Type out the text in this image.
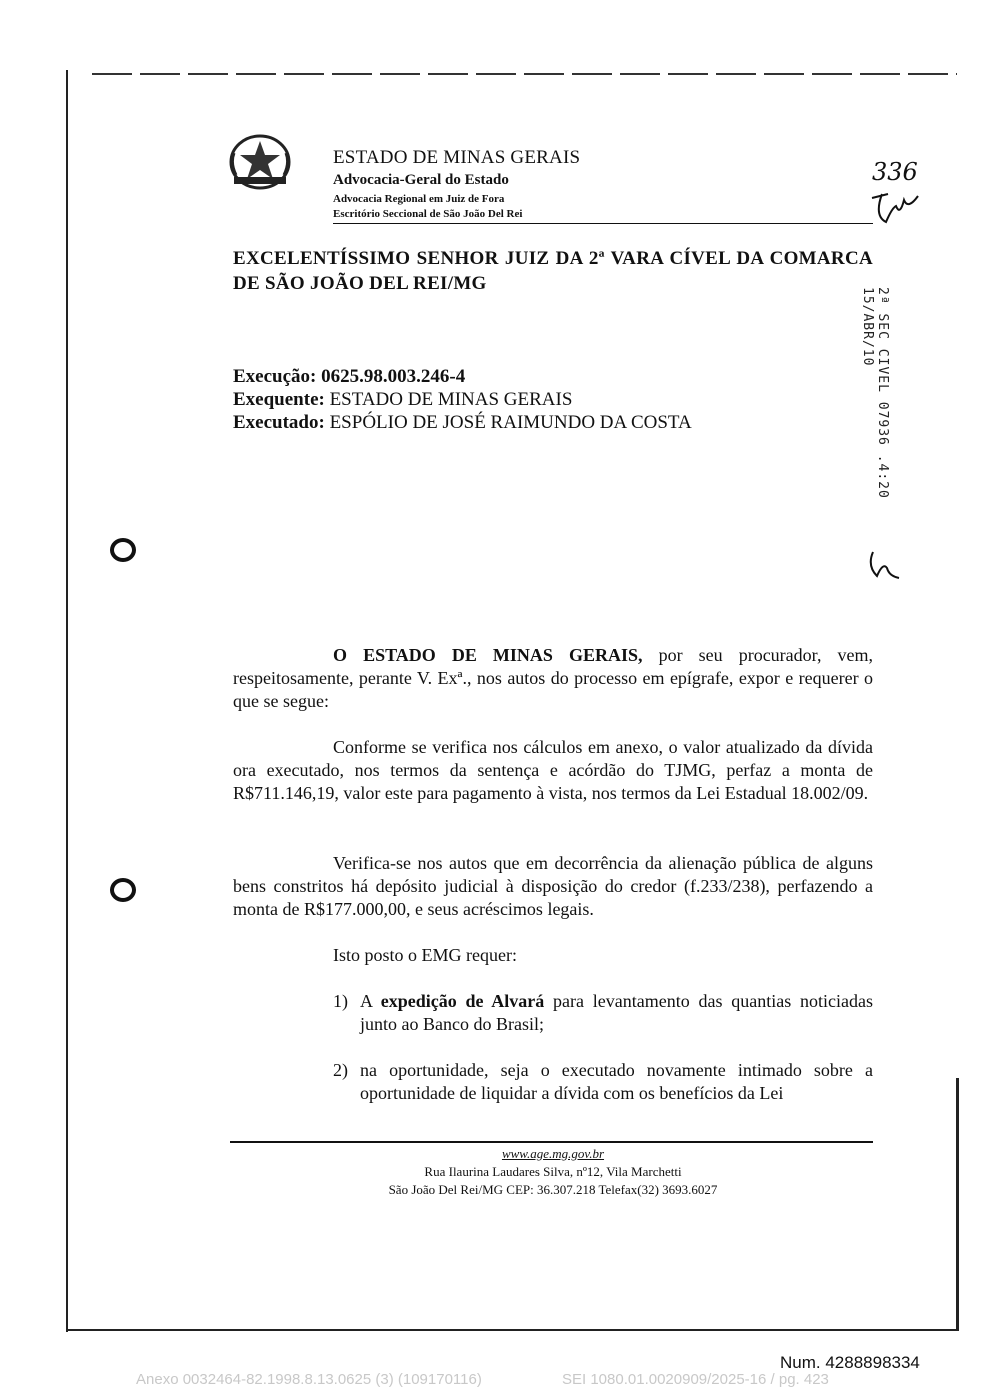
ESTADO DE MINAS GERAIS
Advocacia-Geral do Estado
Advocacia Regional em Juiz de Fora
Escritório Seccional de São João Del Rei
336
EXCELENTÍSSIMO SENHOR JUIZ DA 2ª VARA CÍVEL DA COMARCA DE SÃO JOÃO DEL REI/MG
Execução: 0625.98.003.246-4
Exequente: ESTADO DE MINAS GERAIS
Executado: ESPÓLIO DE JOSÉ RAIMUNDO DA COSTA	2ª SEC CIVEL 07936 .4:20 15/ABR/10
O ESTADO DE MINAS GERAIS, por seu procurador, vem, respeitosamente, perante V. Exª., nos autos do processo em epígrafe, expor e requerer o que se segue:
Conforme se verifica nos cálculos em anexo, o valor atualizado da dívida ora executado, nos termos da sentença e acórdão do TJMG, perfaz a monta de R$711.146,19, valor este para pagamento à vista, nos termos da Lei Estadual 18.002/09.
Verifica-se nos autos que em decorrência da alienação pública de alguns bens constritos há depósito judicial à disposição do credor (f.233/238), perfazendo a monta de R$177.000,00, e seus acréscimos legais.
Isto posto o EMG requer:
1) A expedição de Alvará para levantamento das quantias noticiadas junto ao Banco do Brasil;
2) na oportunidade, seja o executado novamente intimado sobre a oportunidade de liquidar a dívida com os benefícios da Lei
www.age.mg.gov.br
Rua Ilaurina Laudares Silva, nº12, Vila Marchetti
São João Del Rei/MG CEP: 36.307.218 Telefax(32) 3693.6027
Num. 4288898334
Anexo 0032464-82.1998.8.13.0625 (3) (109170116)	SEI 1080.01.0020909/2025-16 / pg. 423
